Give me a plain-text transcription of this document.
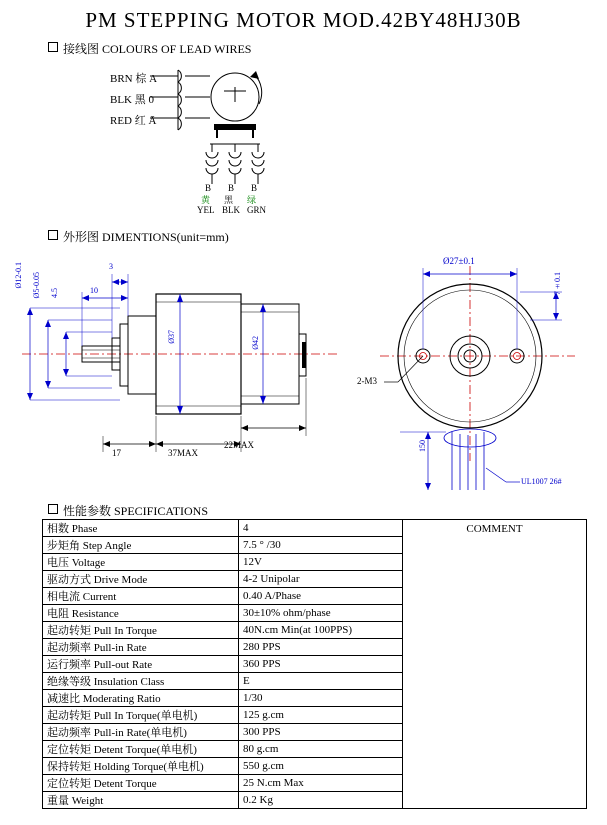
PM STEPPING MOTOR MOD.42BY48HJ30B
接线图 COLOURS OF LEAD WIRES
BRN 棕 A
BLK 黑 0
RED 红 Ā
B B B
黄 黑 绿
YEL BLK GRN
外形图 DIMENTIONS(unit=mm)
Ø12-0.1 Ø5-0.05 4.5
3
10
Ø37	Ø42
17	37MAX
22MAX
Ø27±0.1
7±0.1
2-M3
150
UL1007 26#
性能参数 SPECIFICATIONS
相数 Phase	4	COMMENT
步矩角 Step Angle	7.5 ° /30	
电压 Voltage	12V	
驱动方式 Drive Mode	4-2 Unipolar	
相电流 Current	0.40 A/Phase	
电阻 Resistance	30±10% ohm/phase	
起动转矩 Pull In Torque	40N.cm Min(at 100PPS)	
起动频率 Pull-in Rate	280 PPS	
运行频率 Pull-out Rate	360 PPS	
绝缘等级 Insulation Class	E	
减速比 Moderating Ratio	1/30	
起动转矩 Pull In Torque(单电机)	125 g.cm	
起动频率 Pull-in Rate(单电机)	300 PPS	
定位转矩 Detent Torque(单电机)	80 g.cm	
保持转矩 Holding Torque(单电机)	550 g.cm	
定位转矩 Detent Torque	25 N.cm Max	
重量 Weight	0.2 Kg	
